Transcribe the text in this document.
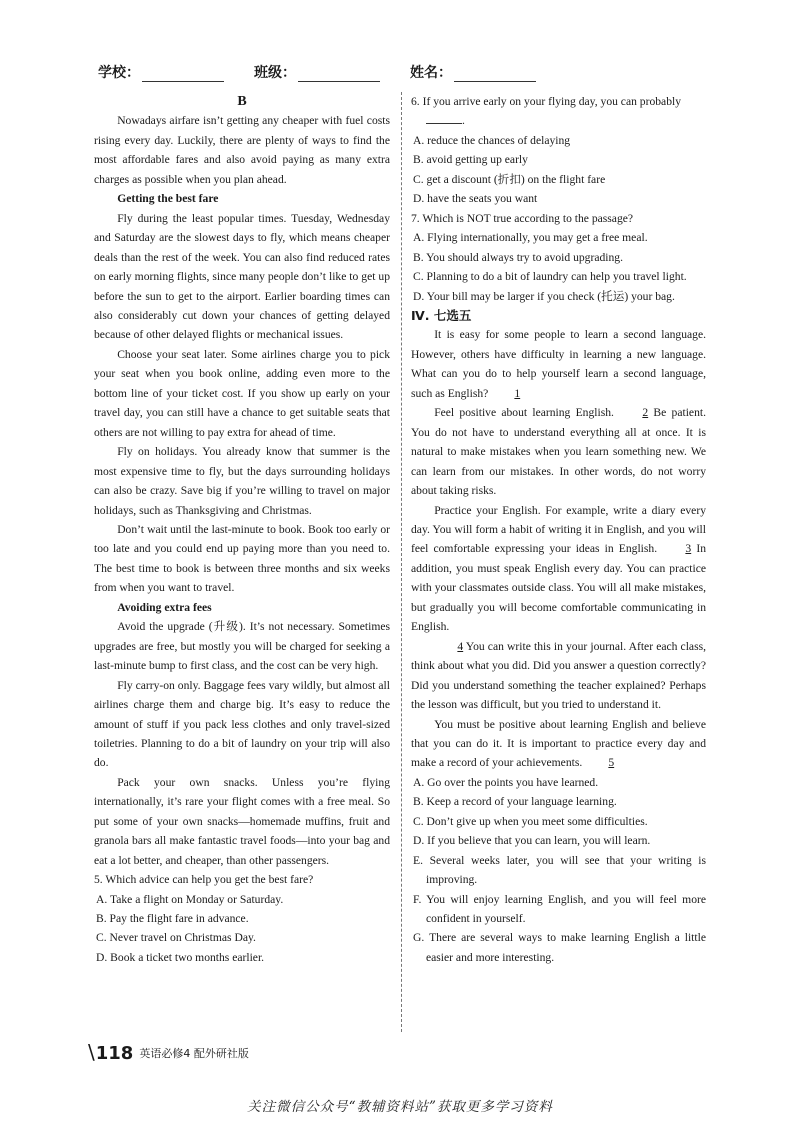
学校：	班级：	姓名：

B

Nowadays airfare isn’t getting any cheaper with fuel costs rising every day. Luckily, there are plenty of ways to find the most affordable fares and also avoid paying as many extra charges as possible when you plan ahead.

Getting the best fare

Fly during the least popular times. Tuesday, Wednesday and Saturday are the slowest days to fly, which means cheaper deals than the rest of the week. You can also find reduced rates on early morning flights, since many people don’t like to get up before the sun to get to the airport. Earlier boarding times can also considerably cut down your chances of getting delayed because of other delayed flights or mechanical issues.

Choose your seat later. Some airlines charge you to pick your seat when you book online, adding even more to the bottom line of your ticket cost. If you show up early on your travel day, you can still have a chance to get suitable seats that others are not willing to pay extra for ahead of time.

Fly on holidays. You already know that summer is the most expensive time to fly, but the days surrounding holidays can also be crazy. Save big if you’re willing to travel on major holidays, such as Thanksgiving and Christmas.

Don’t wait until the last-minute to book. Book too early or too late and you could end up paying more than you need to. The best time to book is between three months and six weeks from when you want to travel.

Avoiding extra fees

Avoid the upgrade (升级). It’s not necessary. Sometimes upgrades are free, but mostly you will be charged for seeking a last-minute bump to first class, and the cost can be very high.

Fly carry-on only. Baggage fees vary wildly, but almost all airlines charge them and charge big. It’s easy to reduce the amount of stuff if you pack less clothes and only travel-sized toiletries. Planning to do a bit of laundry on your trip will also do.

Pack your own snacks. Unless you’re flying internationally, it’s rare your flight comes with a free meal. So put some of your own snacks—homemade muffins, fruit and granola bars all make fantastic travel foods—into your bag and eat a lot better, and cheaper, than other passengers.

5. Which advice can help you get the best fare?

A. Take a flight on Monday or Saturday.

B. Pay the flight fare in advance.

C. Never travel on Christmas Day.

D. Book a ticket two months earlier.

6. If you arrive early on your flying day, you can probably

.

A. reduce the chances of delaying

B. avoid getting up early

C. get a discount (折扣) on the flight fare

D. have the seats you want

7. Which is NOT true according to the passage?

A. Flying internationally, you may get a free meal.

B. You should always try to avoid upgrading.

C. Planning to do a bit of laundry can help you travel light.

D. Your bill may be larger if you check (托运) your bag.

Ⅳ. 七选五

It is easy for some people to learn a second language. However, others have difficulty in learning a new language. What can you do to help yourself learn a second language, such as English? 1

Feel positive about learning English. 2 Be patient. You do not have to understand everything all at once. It is natural to make mistakes when you learn something new. We can learn from our mistakes. In other words, do not worry about taking risks.

Practice your English. For example, write a diary every day. You will form a habit of writing it in English, and you will feel comfortable expressing your ideas in English. 3 In addition, you must speak English every day. You can practice with your classmates outside class. You will all make mistakes, but gradually you will become comfortable communicating in English.

4 You can write this in your journal. After each class, think about what you did. Did you answer a question correctly? Did you understand something the teacher explained? Perhaps the lesson was difficult, but you tried to understand it.

You must be positive about learning English and believe that you can do it. It is important to practice every day and make a record of your achievements. 5

A. Go over the points you have learned.

B. Keep a record of your language learning.

C. Don’t give up when you meet some difficulties.

D. If you believe that you can learn, you will learn.

E. Several weeks later, you will see that your writing is improving.

F. You will enjoy learning English, and you will feel more confident in yourself.

G. There are several ways to make learning English a little easier and more interesting.

\ 118 英语必修4 配外研社版
关注微信公众号“教辅资料站”获取更多学习资料
